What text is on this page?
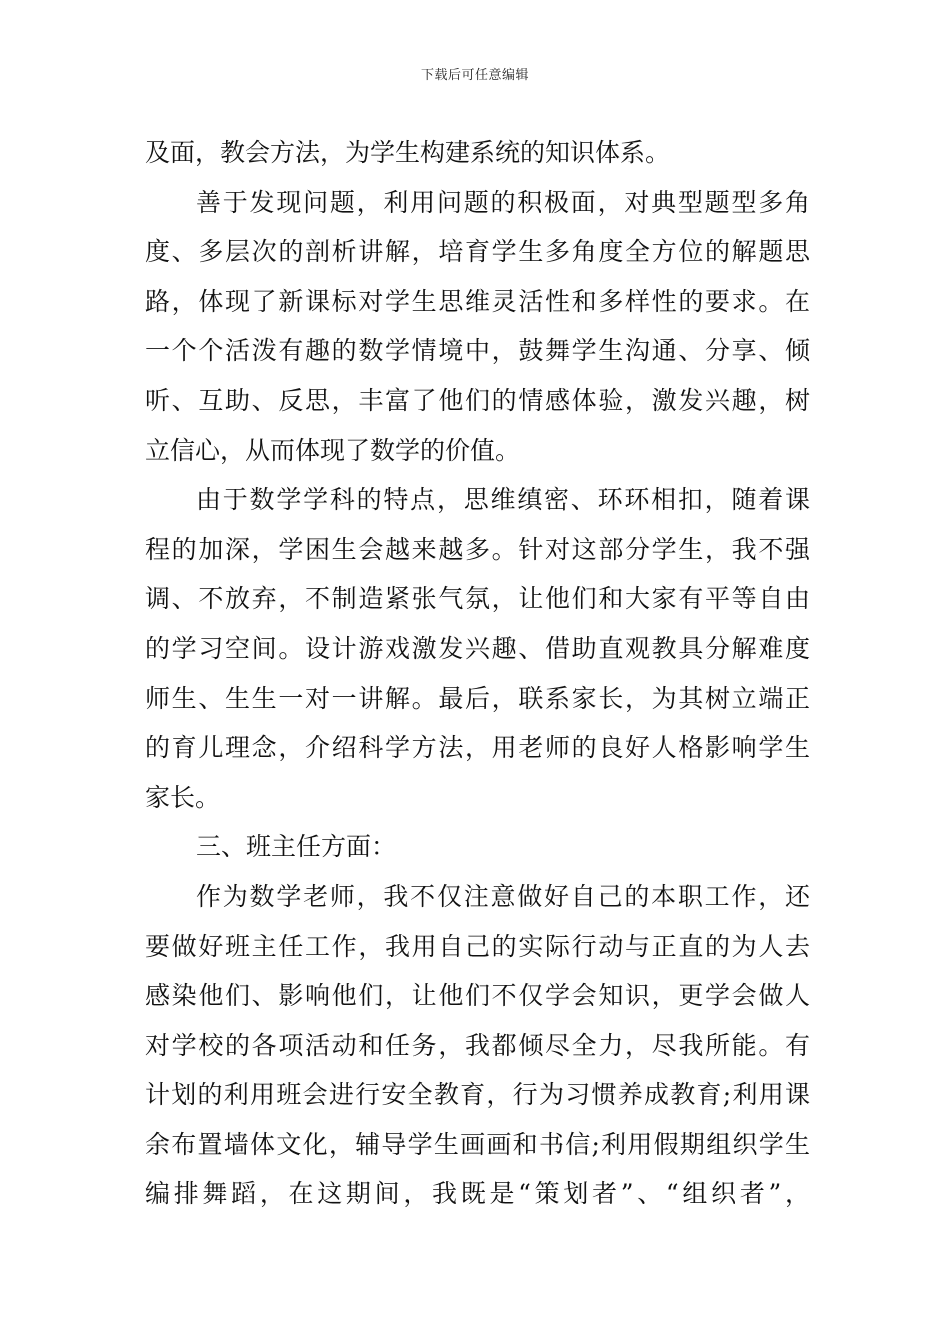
下载后可任意编辑
及面，教会方法，为学生构建系统的知识体系。
善于发现问题，利用问题的积极面，对典型题型多角
度、多层次的剖析讲解，培育学生多角度全方位的解题思
路，体现了新课标对学生思维灵活性和多样性的要求。在
一个个活泼有趣的数学情境中，鼓舞学生沟通、分享、倾
听、互助、反思，丰富了他们的情感体验，激发兴趣，树
立信心，从而体现了数学的价值。
由于数学学科的特点，思维缜密、环环相扣，随着课
程的加深，学困生会越来越多。针对这部分学生，我不强
调、不放弃，不制造紧张气氛，让他们和大家有平等自由
的学习空间。设计游戏激发兴趣、借助直观教具分解难度
师生、生生一对一讲解。最后，联系家长，为其树立端正
的育儿理念，介绍科学方法，用老师的良好人格影响学生
家长。
三、班主任方面：
作为数学老师，我不仅注意做好自己的本职工作，还
要做好班主任工作，我用自己的实际行动与正直的为人去
感染他们、影响他们，让他们不仅学会知识，更学会做人
对学校的各项活动和任务，我都倾尽全力，尽我所能。有
计划的利用班会进行安全教育，行为习惯养成教育;利用课
余布置墙体文化，辅导学生画画和书信;利用假期组织学生
编排舞蹈，在这期间，我既是“策划者”、“组织者”，
